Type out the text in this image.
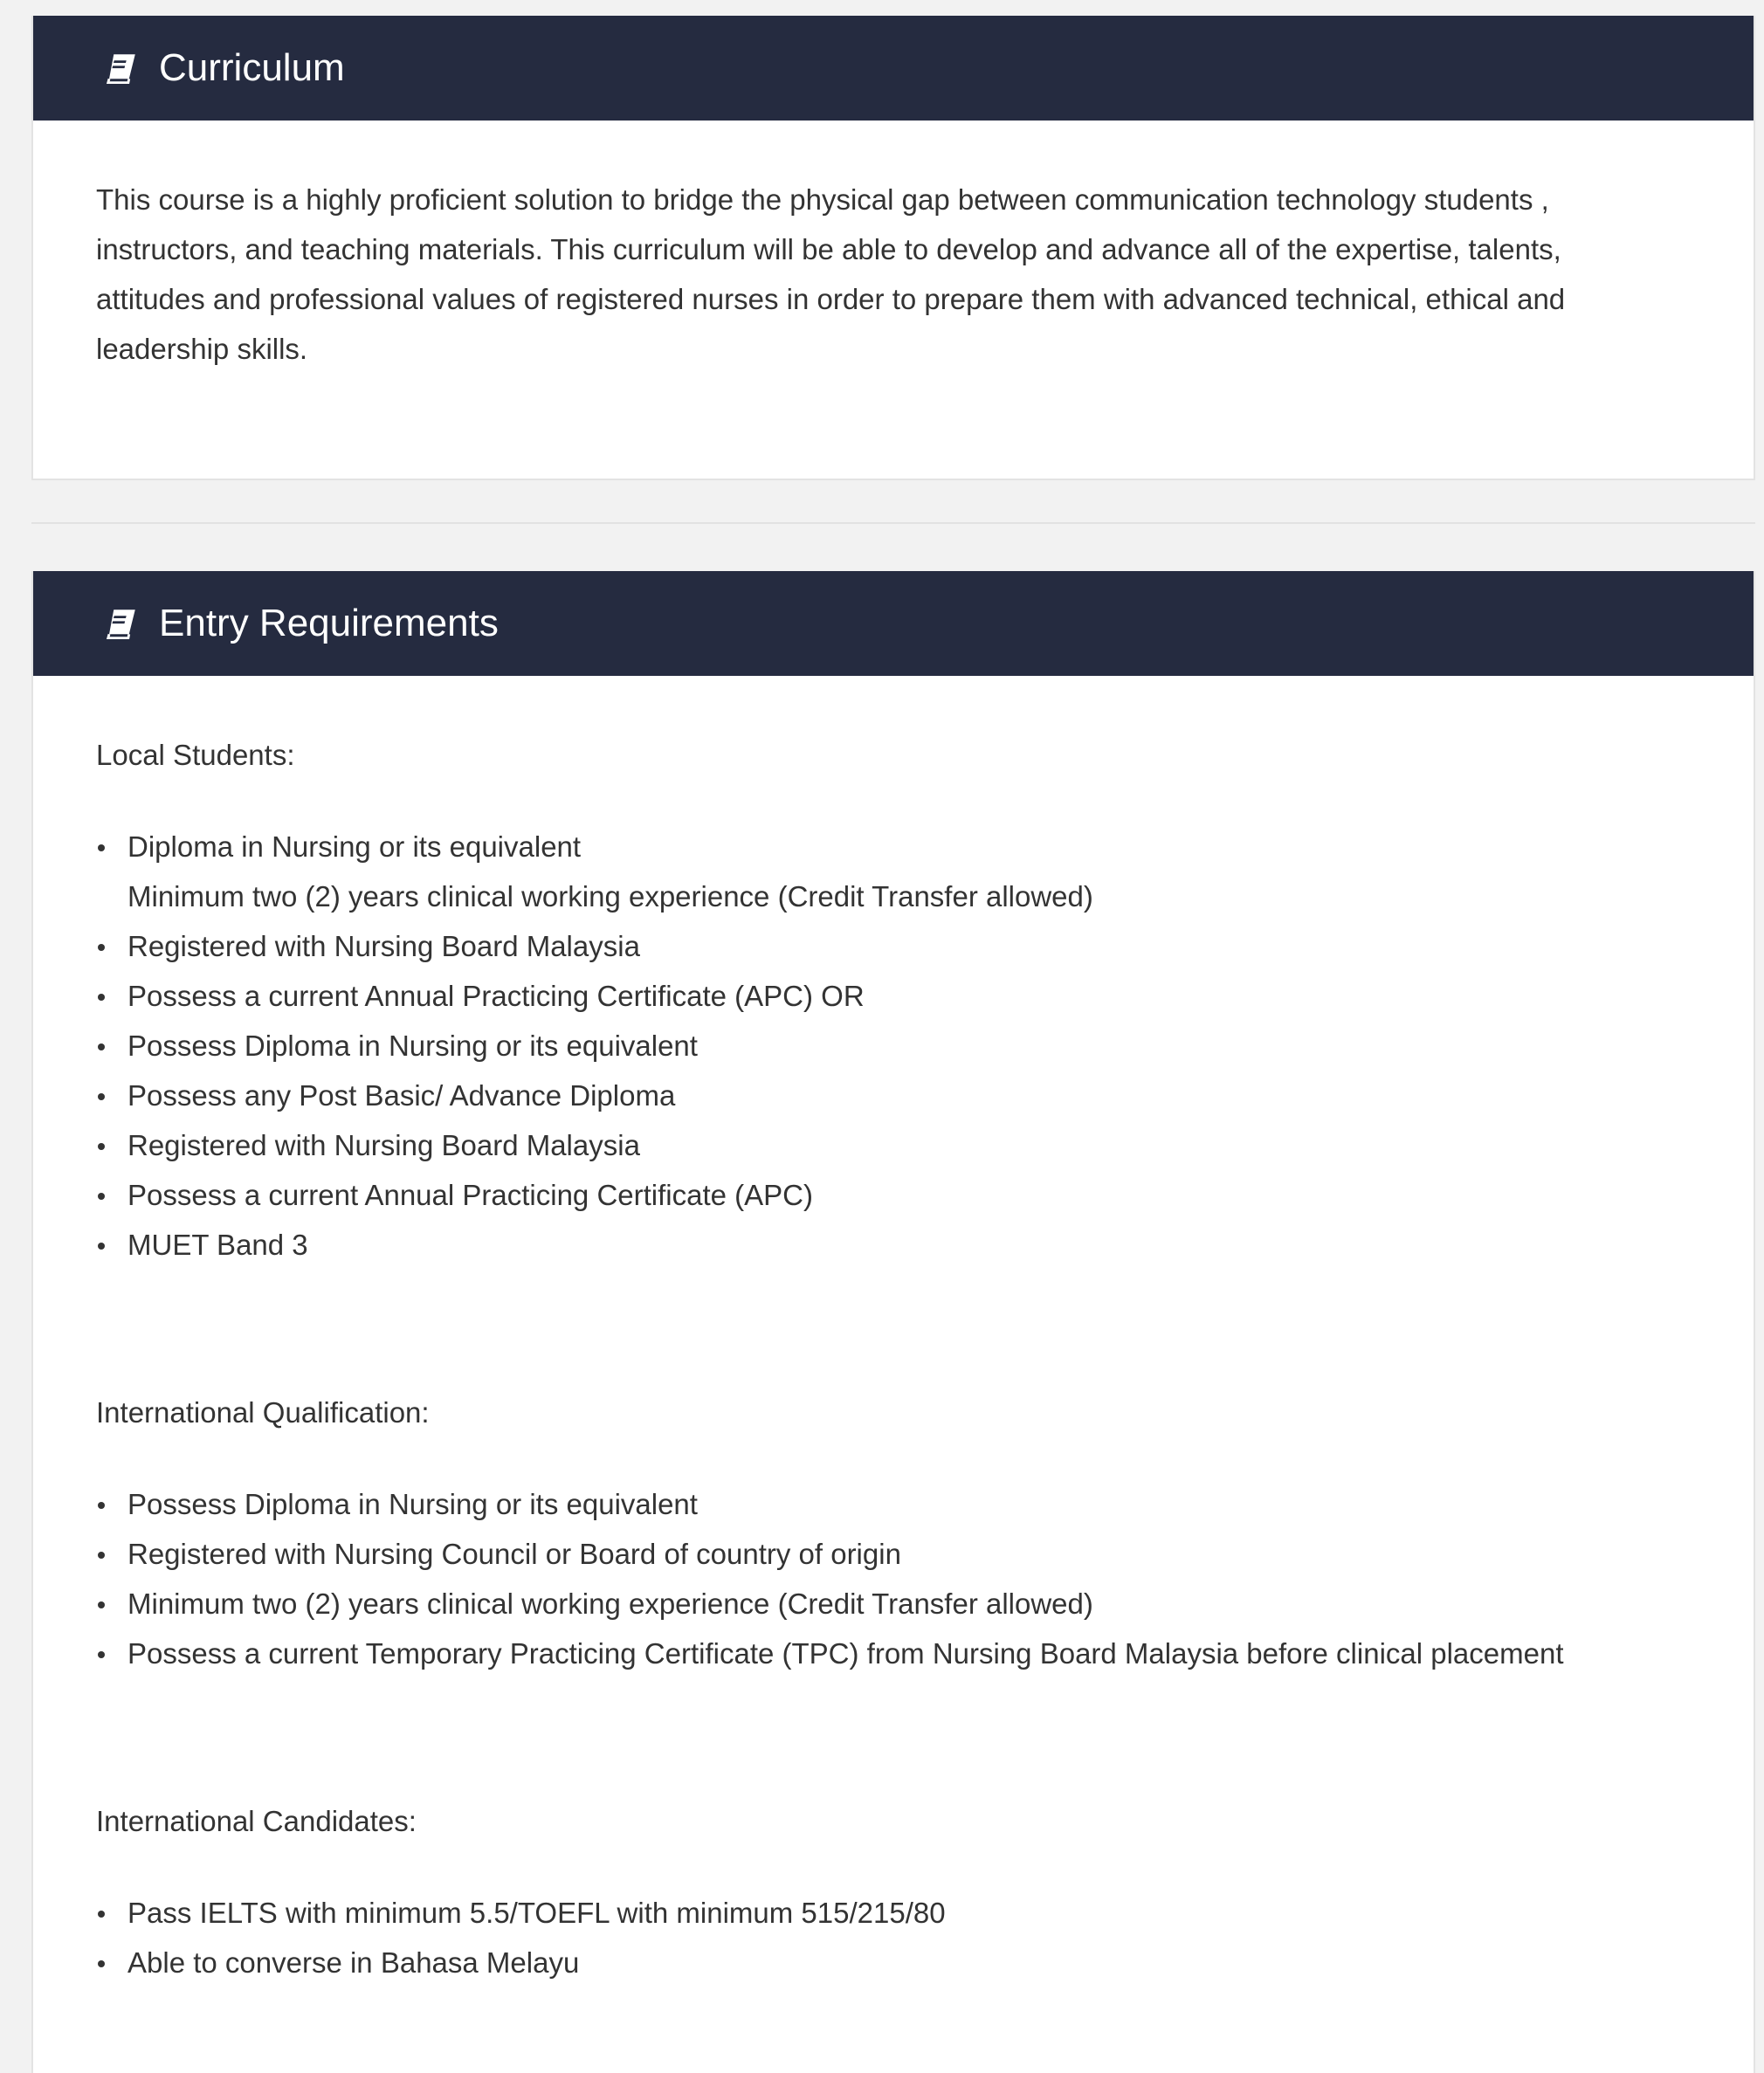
Curriculum

This course is a highly proficient solution to bridge the physical gap between communication technology students , instructors, and teaching materials. This curriculum will be able to develop and advance all of the expertise, talents, attitudes and professional values of registered nurses in order to prepare them with advanced technical, ethical and leadership skills.

Entry Requirements

Local Students:

Diploma in Nursing or its equivalent
Minimum two (2) years clinical working experience (Credit Transfer allowed)
Registered with Nursing Board Malaysia
Possess a current Annual Practicing Certificate (APC) OR
Possess Diploma in Nursing or its equivalent
Possess any Post Basic/ Advance Diploma
Registered with Nursing Board Malaysia
Possess a current Annual Practicing Certificate (APC)
MUET Band 3

International Qualification:

Possess Diploma in Nursing or its equivalent
Registered with Nursing Council or Board of country of origin
Minimum two (2) years clinical working experience (Credit Transfer allowed)
Possess a current Temporary Practicing Certificate (TPC) from Nursing Board Malaysia before clinical placement

International Candidates:

Pass IELTS with minimum 5.5/TOEFL with minimum 515/215/80
Able to converse in Bahasa Melayu
